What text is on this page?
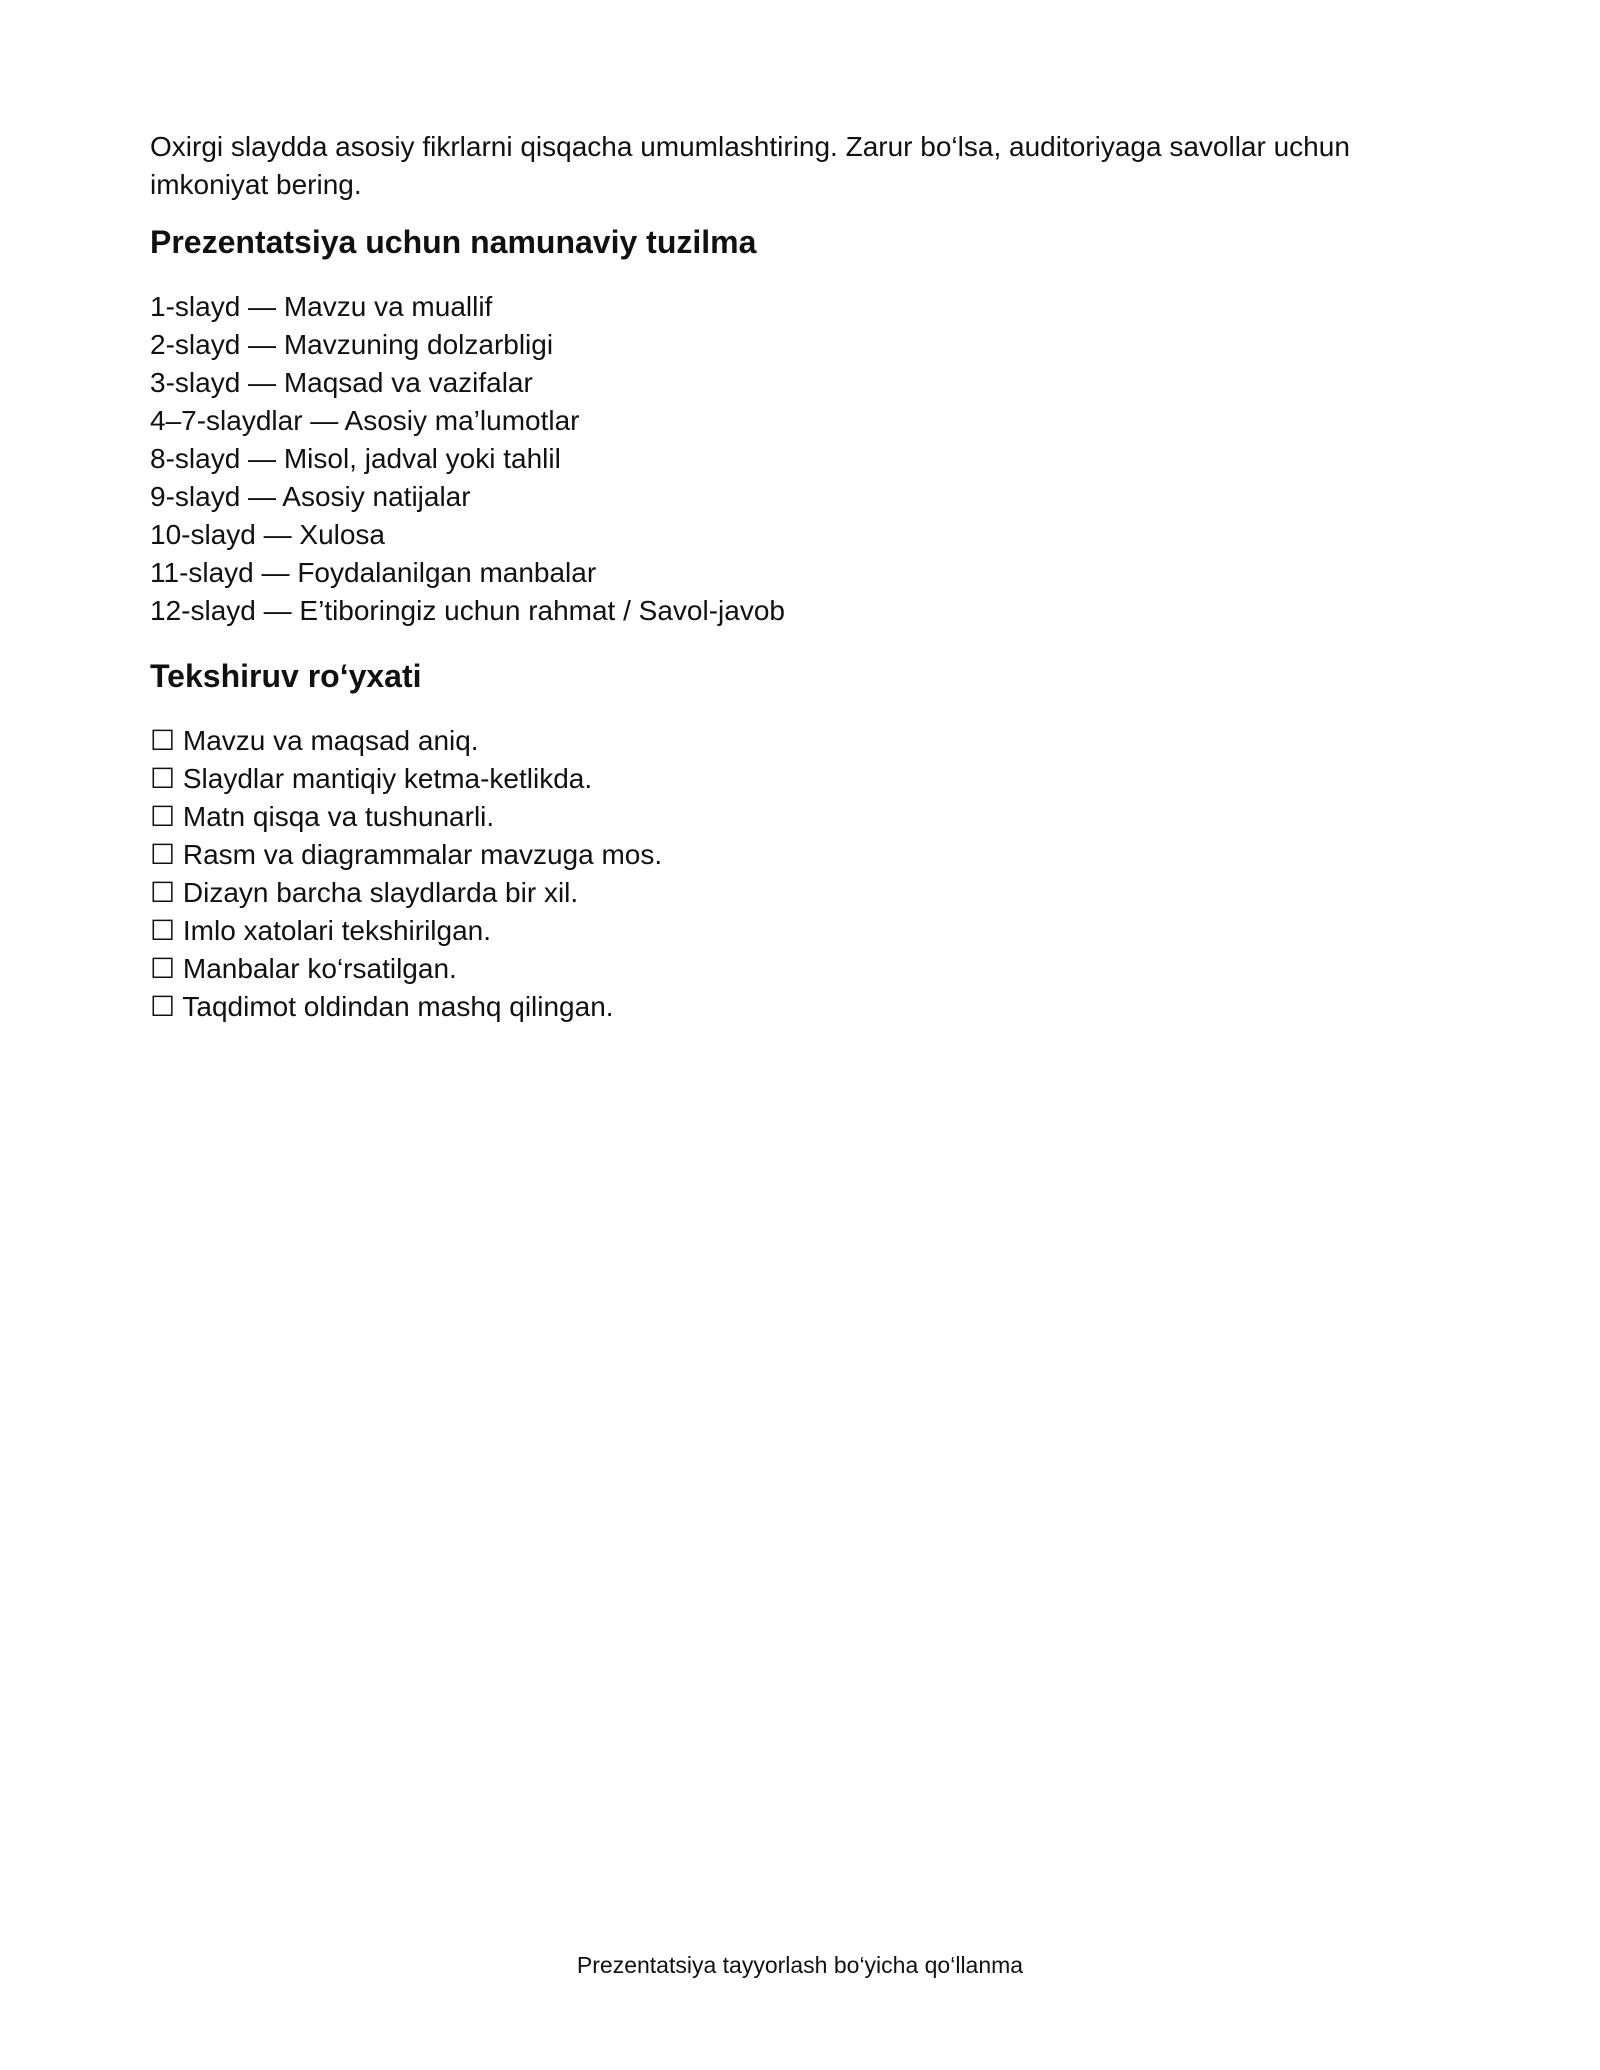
Oxirgi slaydda asosiy fikrlarni qisqacha umumlashtiring. Zarur bo‘lsa, auditoriyaga savollar uchun imkoniyat bering.

Prezentatsiya uchun namunaviy tuzilma
1-slayd — Mavzu va muallif
2-slayd — Mavzuning dolzarbligi
3-slayd — Maqsad va vazifalar
4–7-slaydlar — Asosiy ma’lumotlar
8-slayd — Misol, jadval yoki tahlil
9-slayd — Asosiy natijalar
10-slayd — Xulosa
11-slayd — Foydalanilgan manbalar
12-slayd — E’tiboringiz uchun rahmat / Savol-javob
Tekshiruv ro‘yxati
☐ Mavzu va maqsad aniq.
☐ Slaydlar mantiqiy ketma-ketlikda.
☐ Matn qisqa va tushunarli.
☐ Rasm va diagrammalar mavzuga mos.
☐ Dizayn barcha slaydlarda bir xil.
☐ Imlo xatolari tekshirilgan.
☐ Manbalar ko‘rsatilgan.
☐ Taqdimot oldindan mashq qilingan.
Prezentatsiya tayyorlash bo‘yicha qo‘llanma
